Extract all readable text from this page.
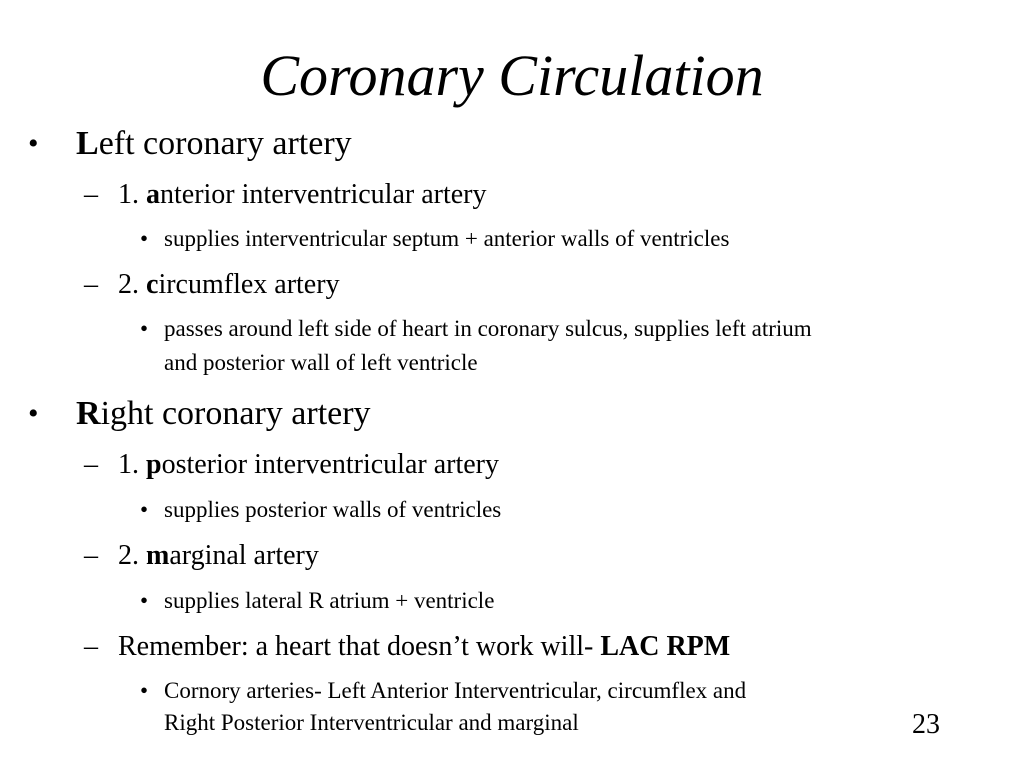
Coronary Circulation
• Left coronary artery
– 1. anterior interventricular artery
• supplies interventricular septum + anterior walls of ventricles
– 2. circumflex artery
• passes around left side of heart in coronary sulcus, supplies left atrium
and posterior wall of left ventricle
• Right coronary artery
– 1. posterior interventricular artery
• supplies posterior walls of ventricles
– 2. marginal artery
• supplies lateral R atrium + ventricle
– Remember: a heart that doesn’t work will- LAC RPM
• Cornory arteries- Left Anterior Interventricular, circumflex and
Right Posterior Interventricular and marginal	23
